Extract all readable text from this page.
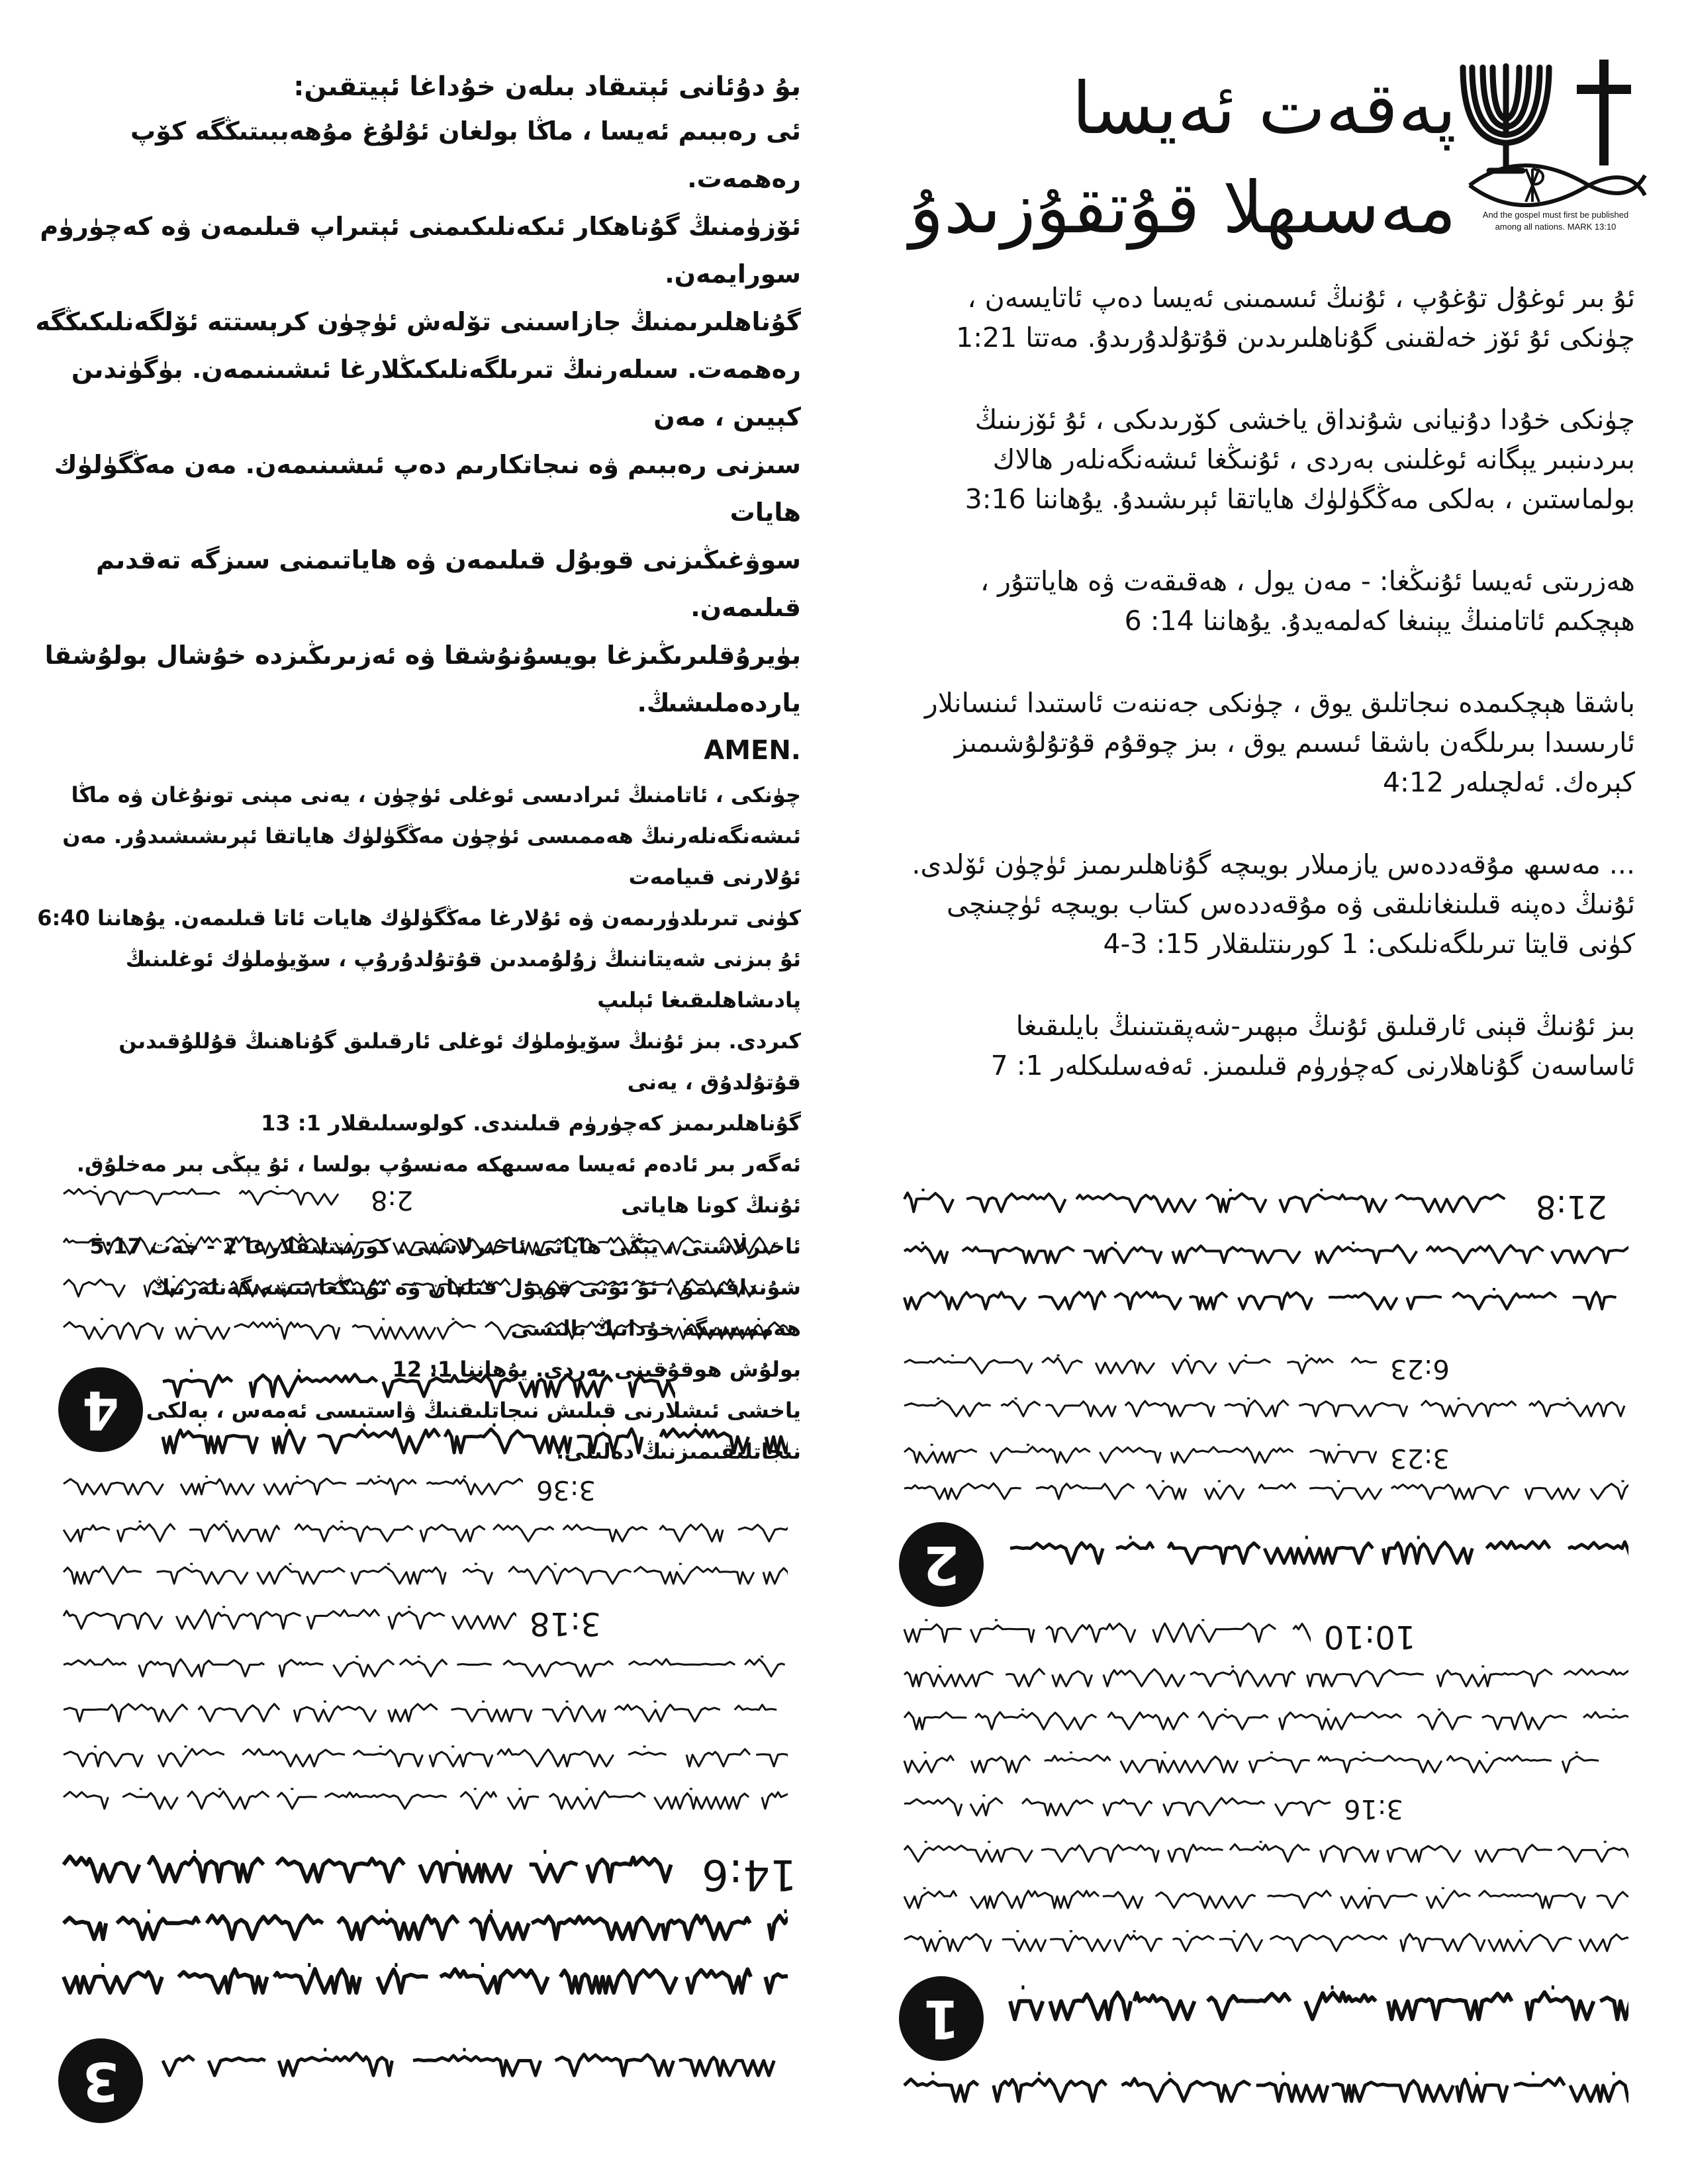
بۇ دۇئانى ئېتىقاد بىلەن خۇداغا ئېيتقىن:
ئى رەببىم ئەيسا ، ماڭا بولغان ئۇلۇغ مۇھەببىتىڭگە كۆپ رەھمەت.
ئۆزۈمنىڭ گۇناھكار ئىكەنلىكىمنى ئېتىراپ قىلىمەن ۋە كەچۈرۈم سورايمەن.
گۇناھلىرىمنىڭ جازاسىنى تۆلەش ئۈچۈن كرېستتە ئۆلگەنلىكىڭگە
رەھمەت. سىلەرنىڭ تىرىلگەنلىكىڭلارغا ئىشىنىمەن. بۈگۈندىن كېيىن ، مەن
سىزنى رەببىم ۋە نىجاتكارىم دەپ ئىشىنىمەن. مەن مەڭگۈلۈك ھايات
سوۋغىڭىزنى قوبۇل قىلىمەن ۋە ھاياتىمنى سىزگە تەقدىم قىلىمەن.
بۈيرۇقلىرىڭىزغا بويسۇنۇشقا ۋە ئەزىرىڭىزدە خۇشال بولۇشقا ياردەملىشىڭ.
AMEN.
چۈنكى ، ئاتامنىڭ ئىرادىسى ئوغلى ئۈچۈن ، يەنى مېنى تونۇغان ۋە ماڭا
ئىشەنگەنلەرنىڭ ھەممىسى ئۈچۈن مەڭگۈلۈك ھاياتقا ئېرىشىشىدۇر. مەن ئۇلارنى قىيامەت
كۈنى تىرىلدۈرىمەن ۋە ئۇلارغا مەڭگۈلۈك ھايات ئاتا قىلىمەن. يۇھاننا 6:40
ئۇ بىزنى شەيتاننىڭ زۇلۇمىدىن قۇتۇلدۇرۇپ ، سۆيۈملۈك ئوغلىنىڭ پادىشاھلىقىغا ئېلىپ
كىردى. بىز ئۇنىڭ سۆيۈملۈك ئوغلى ئارقىلىق گۇناھنىڭ قۇللۇقىدىن قۇتۇلدۇق ، يەنى
گۇناھلىرىمىز كەچۈرۈم قىلىندى. كولوسىلىقلار 1: 13
ئەگەر بىر ئادەم ئەيسا مەسىھكە مەنسۇپ بولسا ، ئۇ يېڭى بىر مەخلۇق. ئۇنىڭ كونا ھاياتى
ئاخىرلاشتى ، يېڭى ھاياتى ئاخىرلاشتى. كورىنتلىقلارغا 2 - خەت 5:17
شۇنداقتىمۇ ، ئۇ ئۇنى قوبۇل قىلغان ۋە ئۇنىڭغا ئىشەنگەنلەرنىڭ ھەممىسىگە خۇدانىڭ بالىسى
بولۇش ھوقۇقىنى بەردى. يۇھاننا 1: 12
ياخشى ئىشلارنى قىلىش نىجاتلىقنىڭ ۋاستىسى ئەمەس ، بەلكى نىجاتلىقىمىزنىڭ دەلىلى.
پەقەت ئەيسا
مەسىھلا قۇتقۇزىدۇ	And the gospel must first be published
among all nations. MARK 13:10

ئۇ بىر ئوغۇل تۇغۇپ ، ئۇنىڭ ئىسمىنى ئەيسا دەپ ئاتايسەن ،

چۈنكى ئۇ ئۆز خەلقىنى گۇناھلىرىدىن قۇتۇلدۇرىدۇ. مەتتا 1:21

چۈنكى خۇدا دۇنيانى شۇنداق ياخشى كۆرىدىكى ، ئۇ ئۆزىنىڭ

بىردىنبىر يېگانە ئوغلىنى بەردى ، ئۇنىڭغا ئىشەنگەنلەر ھالاك

بولماستىن ، بەلكى مەڭگۈلۈك ھاياتقا ئېرىشىدۇ. يۇھاننا 3:16

ھەزرىتى ئەيسا ئۇنىڭغا: - مەن يول ، ھەقىقەت ۋە ھاياتتۇر ،

ھېچكىم ئاتامنىڭ يېنىغا كەلمەيدۇ. يۇھاننا 14: 6

باشقا ھېچكىمدە نىجاتلىق يوق ، چۈنكى جەننەت ئاستىدا ئىنسانلار

ئارىسىدا بىرىلگەن باشقا ئىسىم يوق ، بىز چوقۇم قۇتۇلۇشىمىز

كېرەك. ئەلچىلەر 4:12

... مەسىھ مۇقەددەس يازمىلار بويىچە گۇناھلىرىمىز ئۈچۈن ئۆلدى.

ئۇنىڭ دەپنە قىلىنغانلىقى ۋە مۇقەددەس كىتاب بويىچە ئۈچىنچى

كۈنى قايتا تىرىلگەنلىكى: 1 كورىنتلىقلار 15: 3-4

بىز ئۇنىڭ قېنى ئارقىلىق ئۇنىڭ مېھىر-شەپقىتىنىڭ بايلىقىغا

ئاساسەن گۇناھلارنى كەچۈرۈم قىلىمىز. ئەفەسلىكلەر 1: 7

2:8
3:36
3:18
14:6
21:8
6:23
3:23
10:10
3:16
4
3
2
1
